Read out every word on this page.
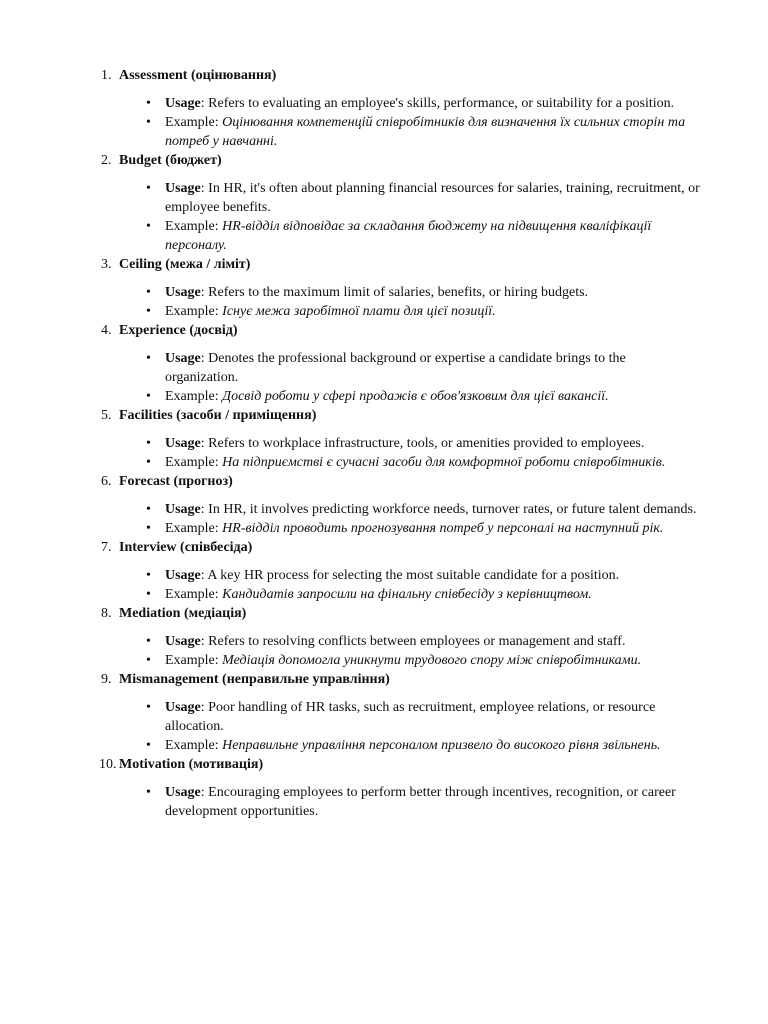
1. Assessment (оцінювання)
• Usage: Refers to evaluating an employee's skills, performance, or suitability for a position.
• Example: Оцінювання компетенцій співробітників для визначення їх сильних сторін та потреб у навчанні.
2. Budget (бюджет)
• Usage: In HR, it's often about planning financial resources for salaries, training, recruitment, or employee benefits.
• Example: HR-відділ відповідає за складання бюджету на підвищення кваліфікації персоналу.
3. Ceiling (межа / ліміт)
• Usage: Refers to the maximum limit of salaries, benefits, or hiring budgets.
• Example: Існує межа заробітної плати для цієї позиції.
4. Experience (досвід)
• Usage: Denotes the professional background or expertise a candidate brings to the organization.
• Example: Досвід роботи у сфері продажів є обов'язковим для цієї вакансії.
5. Facilities (засоби / приміщення)
• Usage: Refers to workplace infrastructure, tools, or amenities provided to employees.
• Example: На підприємстві є сучасні засоби для комфортної роботи співробітників.
6. Forecast (прогноз)
• Usage: In HR, it involves predicting workforce needs, turnover rates, or future talent demands.
• Example: HR-відділ проводить прогнозування потреб у персоналі на наступний рік.
7. Interview (співбесіда)
• Usage: A key HR process for selecting the most suitable candidate for a position.
• Example: Кандидатів запросили на фінальну співбесіду з керівництвом.
8. Mediation (медіація)
• Usage: Refers to resolving conflicts between employees or management and staff.
• Example: Медіація допомогла уникнути трудового спору між співробітниками.
9. Mismanagement (неправильне управління)
• Usage: Poor handling of HR tasks, such as recruitment, employee relations, or resource allocation.
• Example: Неправильне управління персоналом призвело до високого рівня звільнень.
10. Motivation (мотивація)
• Usage: Encouraging employees to perform better through incentives, recognition, or career development opportunities.
